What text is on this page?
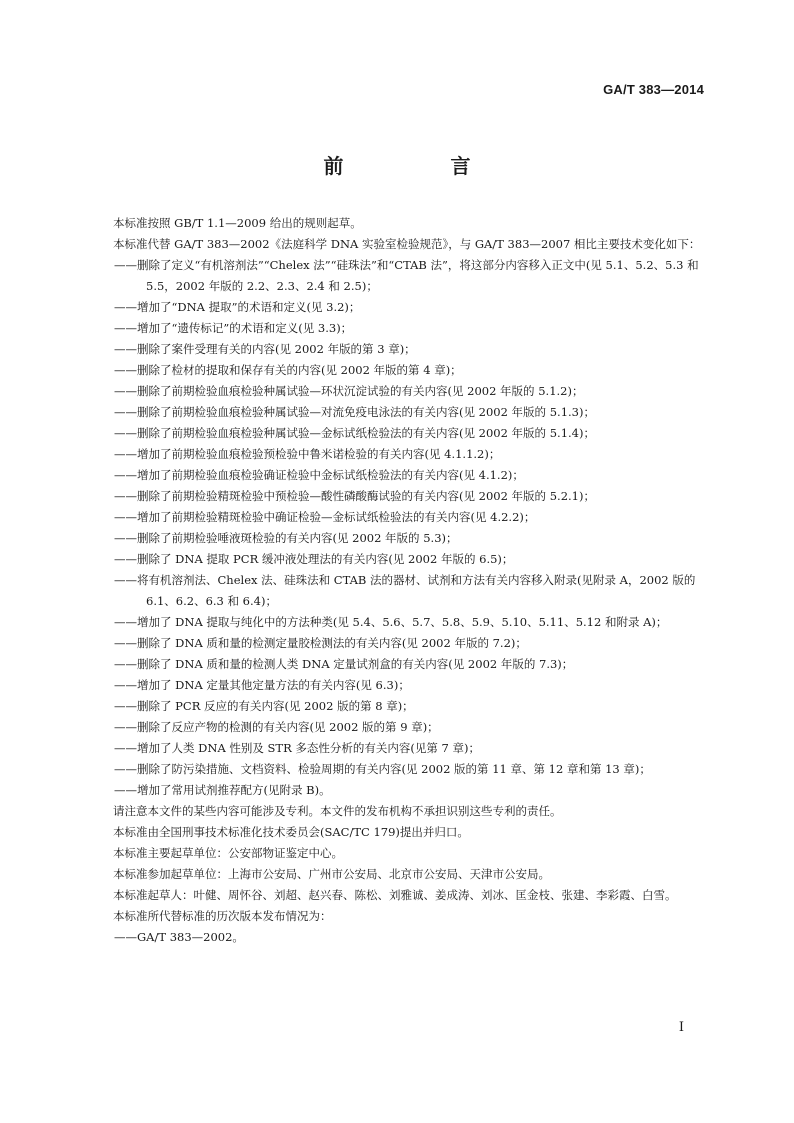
GA/T 383—2014
前 言

本标准按照 GB/T 1.1—2009 给出的规则起草。

本标准代替 GA/T 383—2002《法庭科学 DNA 实验室检验规范》，与 GA/T 383—2007 相比主要技术变化如下：

——删除了定义“有机溶剂法”“Chelex 法”“硅珠法”和“CTAB 法”，将这部分内容移入正文中(见 5.1、5.2、5.3 和 5.5，2002 年版的 2.2、2.3、2.4 和 2.5)；

——增加了“DNA 提取”的术语和定义(见 3.2)；

——增加了“遗传标记”的术语和定义(见 3.3)；

——删除了案件受理有关的内容(见 2002 年版的第 3 章)；

——删除了检材的提取和保存有关的内容(见 2002 年版的第 4 章)；

——删除了前期检验血痕检验种属试验—环状沉淀试验的有关内容(见 2002 年版的 5.1.2)；

——删除了前期检验血痕检验种属试验—对流免疫电泳法的有关内容(见 2002 年版的 5.1.3)；

——删除了前期检验血痕检验种属试验—金标试纸检验法的有关内容(见 2002 年版的 5.1.4)；

——增加了前期检验血痕检验预检验中鲁米诺检验的有关内容(见 4.1.1.2)；

——增加了前期检验血痕检验确证检验中金标试纸检验法的有关内容(见 4.1.2)；

——删除了前期检验精斑检验中预检验—酸性磷酸酶试验的有关内容(见 2002 年版的 5.2.1)；

——增加了前期检验精斑检验中确证检验—金标试纸检验法的有关内容(见 4.2.2)；

——删除了前期检验唾液斑检验的有关内容(见 2002 年版的 5.3)；

——删除了 DNA 提取 PCR 缓冲液处理法的有关内容(见 2002 年版的 6.5)；

——将有机溶剂法、Chelex 法、硅珠法和 CTAB 法的器材、试剂和方法有关内容移入附录(见附录 A，2002 版的 6.1、6.2、6.3 和 6.4)；

——增加了 DNA 提取与纯化中的方法种类(见 5.4、5.6、5.7、5.8、5.9、5.10、5.11、5.12 和附录 A)；

——删除了 DNA 质和量的检测定量胶检测法的有关内容(见 2002 年版的 7.2)；

——删除了 DNA 质和量的检测人类 DNA 定量试剂盒的有关内容(见 2002 年版的 7.3)；

——增加了 DNA 定量其他定量方法的有关内容(见 6.3)；

——删除了 PCR 反应的有关内容(见 2002 版的第 8 章)；

——删除了反应产物的检测的有关内容(见 2002 版的第 9 章)；

——增加了人类 DNA 性别及 STR 多态性分析的有关内容(见第 7 章)；

——删除了防污染措施、文档资料、检验周期的有关内容(见 2002 版的第 11 章、第 12 章和第 13 章)；

——增加了常用试剂推荐配方(见附录 B)。

请注意本文件的某些内容可能涉及专利。本文件的发布机构不承担识别这些专利的责任。

本标准由全国刑事技术标准化技术委员会(SAC/TC 179)提出并归口。

本标准主要起草单位：公安部物证鉴定中心。

本标准参加起草单位：上海市公安局、广州市公安局、北京市公安局、天津市公安局。

本标准起草人：叶健、周怀谷、刘超、赵兴春、陈松、刘雅诚、姜成涛、刘冰、匡金枝、张建、李彩霞、白雪。

本标准所代替标准的历次版本发布情况为：

——GA/T 383—2002。

I
